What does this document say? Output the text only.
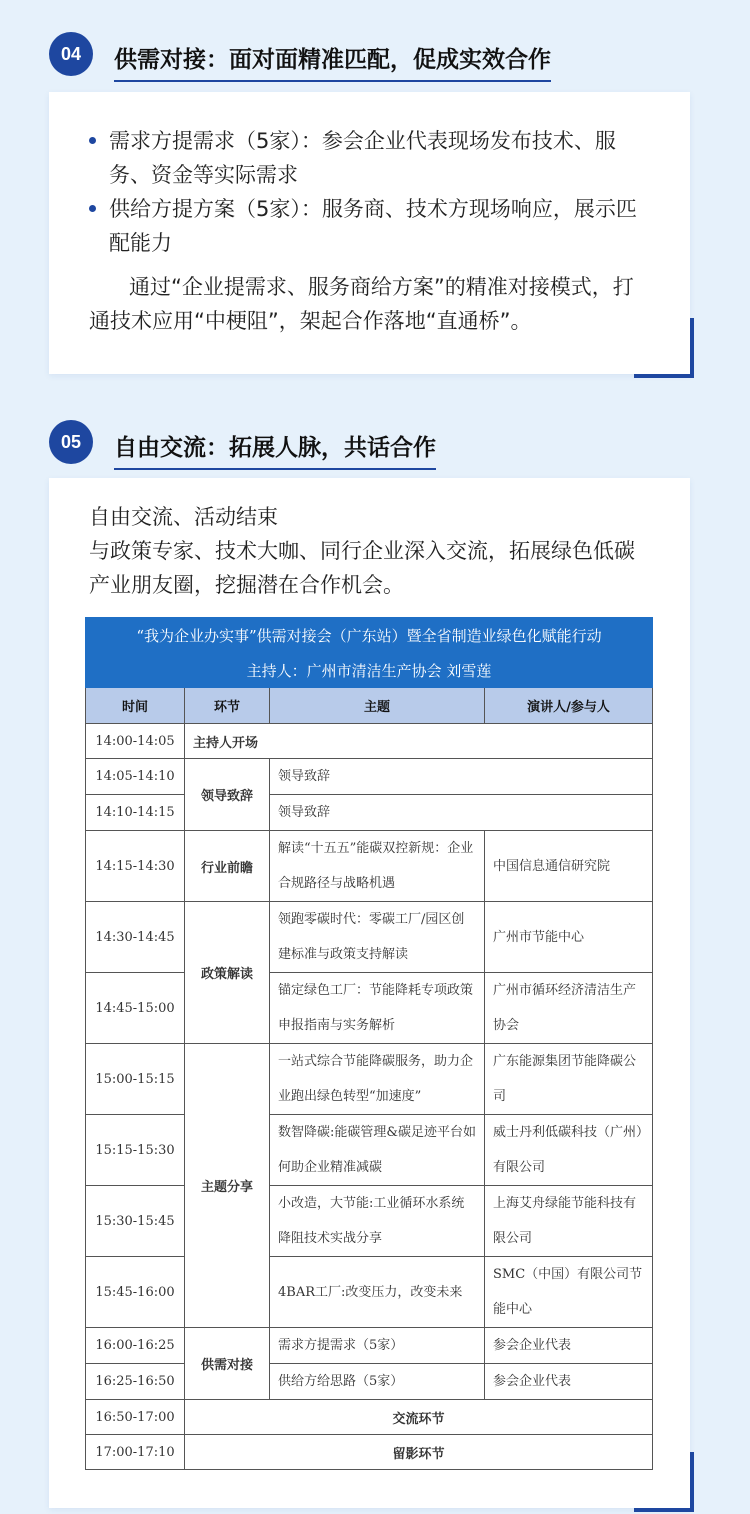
04	供需对接：面对面精准匹配，促成实效合作
需求方提需求（5家）：参会企业代表现场发布技术、服务、资金等实际需求
供给方提方案（5家）：服务商、技术方现场响应，展示匹配能力
通过“企业提需求、服务商给方案”的精准对接模式，打通技术应用“中梗阻”，架起合作落地“直通桥”。
05	自由交流：拓展人脉，共话合作
自由交流、活动结束
与政策专家、技术大咖、同行企业深入交流，拓展绿色低碳产业朋友圈，挖掘潜在合作机会。
“我为企业办实事”供需对接会（广东站）暨全省制造业绿色化赋能行动			
主持人：广州市清洁生产协会 刘雪莲			
时间	环节	主题	演讲人/参与人
14:00-14:05	主持人开场		
14:05-14:10	领导致辞	领导致辞	
14:10-14:15		领导致辞	
14:15-14:30	行业前瞻	解读“十五五”能碳双控新规：企业合规路径与战略机遇	中国信息通信研究院
14:30-14:45	政策解读	领跑零碳时代：零碳工厂/园区创建标准与政策支持解读	广州市节能中心
14:45-15:00		锚定绿色工厂：节能降耗专项政策申报指南与实务解析	广州市循环经济清洁生产协会
15:00-15:15	主题分享	一站式综合节能降碳服务，助力企业跑出绿色转型“加速度”	广东能源集团节能降碳公司
15:15-15:30		数智降碳:能碳管理&碳足迹平台如何助企业精准减碳	威士丹利低碳科技（广州）有限公司
15:30-15:45		小改造，大节能:工业循环水系统降阻技术实战分享	上海艾舟绿能节能科技有限公司
15:45-16:00		4BAR工厂:改变压力，改变未来	SMC（中国）有限公司节能中心
16:00-16:25	供需对接	需求方提需求（5家）	参会企业代表
16:25-16:50		供给方给思路（5家）	参会企业代表
16:50-17:00	交流环节		
17:00-17:10	留影环节		
